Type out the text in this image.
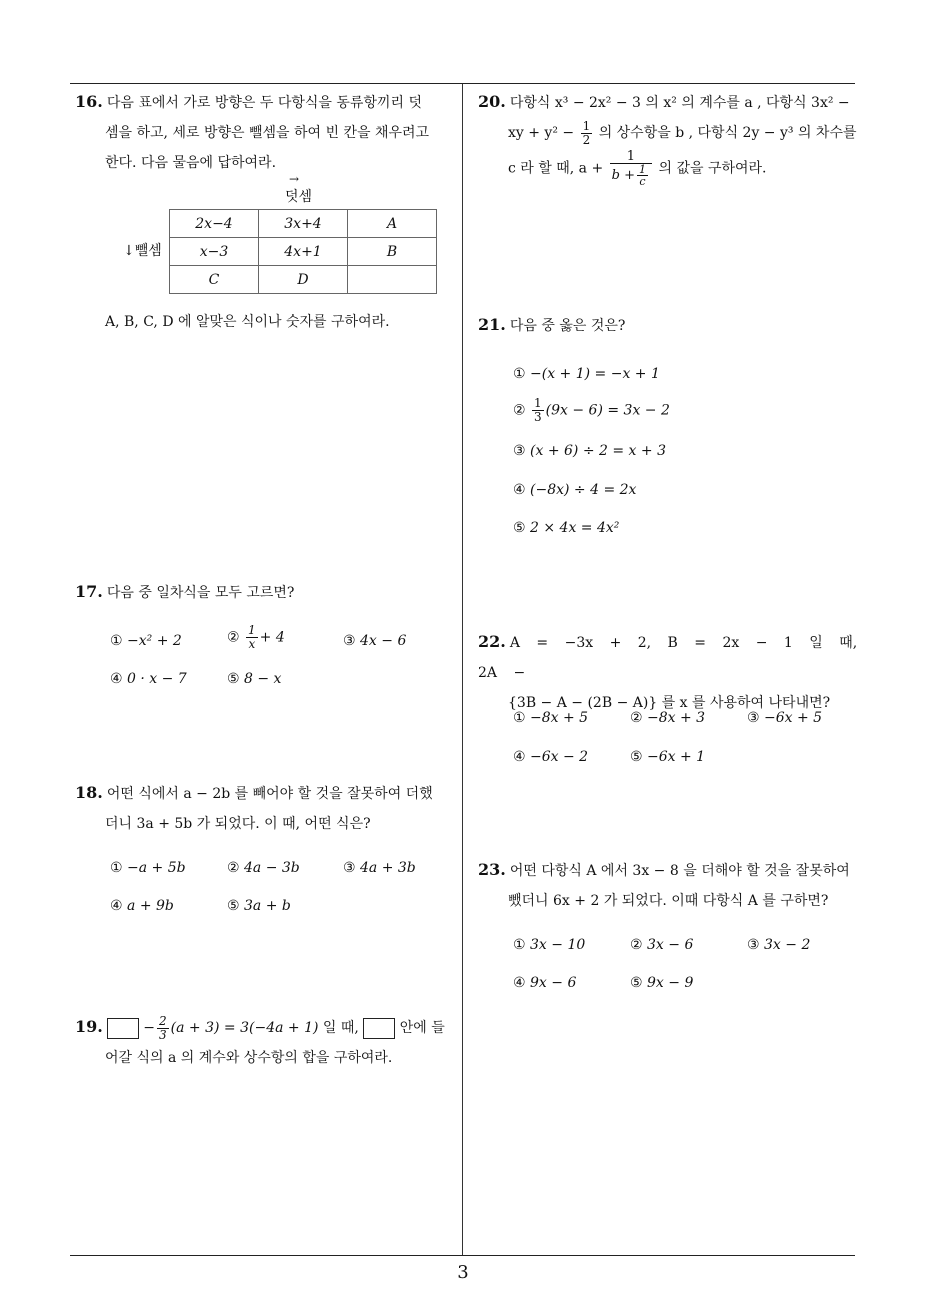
16. 다음 표에서 가로 방향은 두 다항식을 동류항끼리 덧
셈을 하고, 세로 방향은 뺄셈을 하여 빈 칸을 채우려고
한다. 다음 물음에 답하여라.
→
덧셈
↓뺄셈
2x−4	3x+4	A
x−3	4x+1	B
C	D	
A, B, C, D 에 알맞은 식이나 숫자를 구하여라.
17. 다음 중 일차식을 모두 고르면?
① −x² + 2	② $\frac{1}{x} + 4$	③ 4x − 6
④ 0 · x − 7	⑤ 8 − x
18. 어떤 식에서 a − 2b 를 빼어야 할 것을 잘못하여 더했
더니 3a + 5b 가 되었다. 이 때, 어떤 식은?
① −a + 5b	② 4a − 3b	③ 4a + 3b
④ a + 9b	⑤ 3a + b
19.	− $\frac{2}{3} (a + 3) = 3(-4a + 1)$ 일 때,	안에 들
어갈 식의 a 의 계수와 상수항의 합을 구하여라.
20. 다항식 x³ − 2x² − 3 의 x² 의 계수를 a , 다항식 3x² −
xy + $y^2 - \frac{1}{2}$ 의 상수항을 b , 다항식 2y − y³ 의 차수를
c 라 할 때, $a + \frac{1}{b + \frac{1}{c}}$ 의 값을 구하여라.
21. 다음 중 옳은 것은?
① −(x + 1) = −x + 1
② $\frac{1}{3} (9x - 6) = 3x - 2$
③ (x + 6) ÷ 2 = x + 3
④ (−8x) ÷ 4 = 2x
⑤ 2 × 4x = 4x²
22. A = −3x + 2, B = 2x − 1 일 때, 2A −
{3B − A − (2B − A)} 를 x 를 사용하여 나타내면?
① −8x + 5	② −8x + 3	③ −6x + 5
④ −6x − 2	⑤ −6x + 1
23. 어떤 다항식 A 에서 3x − 8 을 더해야 할 것을 잘못하여
뺐더니 6x + 2 가 되었다. 이때 다항식 A 를 구하면?
① 3x − 10	② 3x − 6	③ 3x − 2
④ 9x − 6	⑤ 9x − 9
3
